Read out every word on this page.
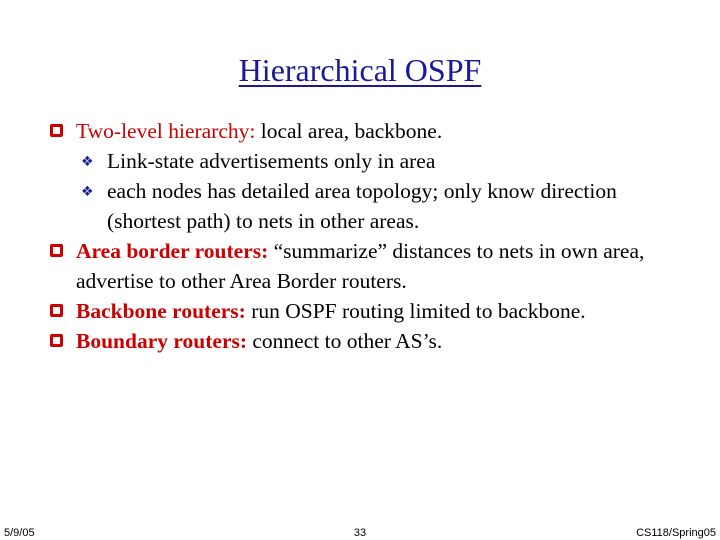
Hierarchical OSPF

Two-level hierarchy: local area, backbone.

❖ Link-state advertisements only in area

❖ each nodes has detailed area topology; only know direction (shortest path) to nets in other areas.

Area border routers: “summarize” distances to nets in own area, advertise to other Area Border routers.

Backbone routers: run OSPF routing limited to backbone.

Boundary routers: connect to other AS’s.

5/9/05	33	CS118/Spring05
